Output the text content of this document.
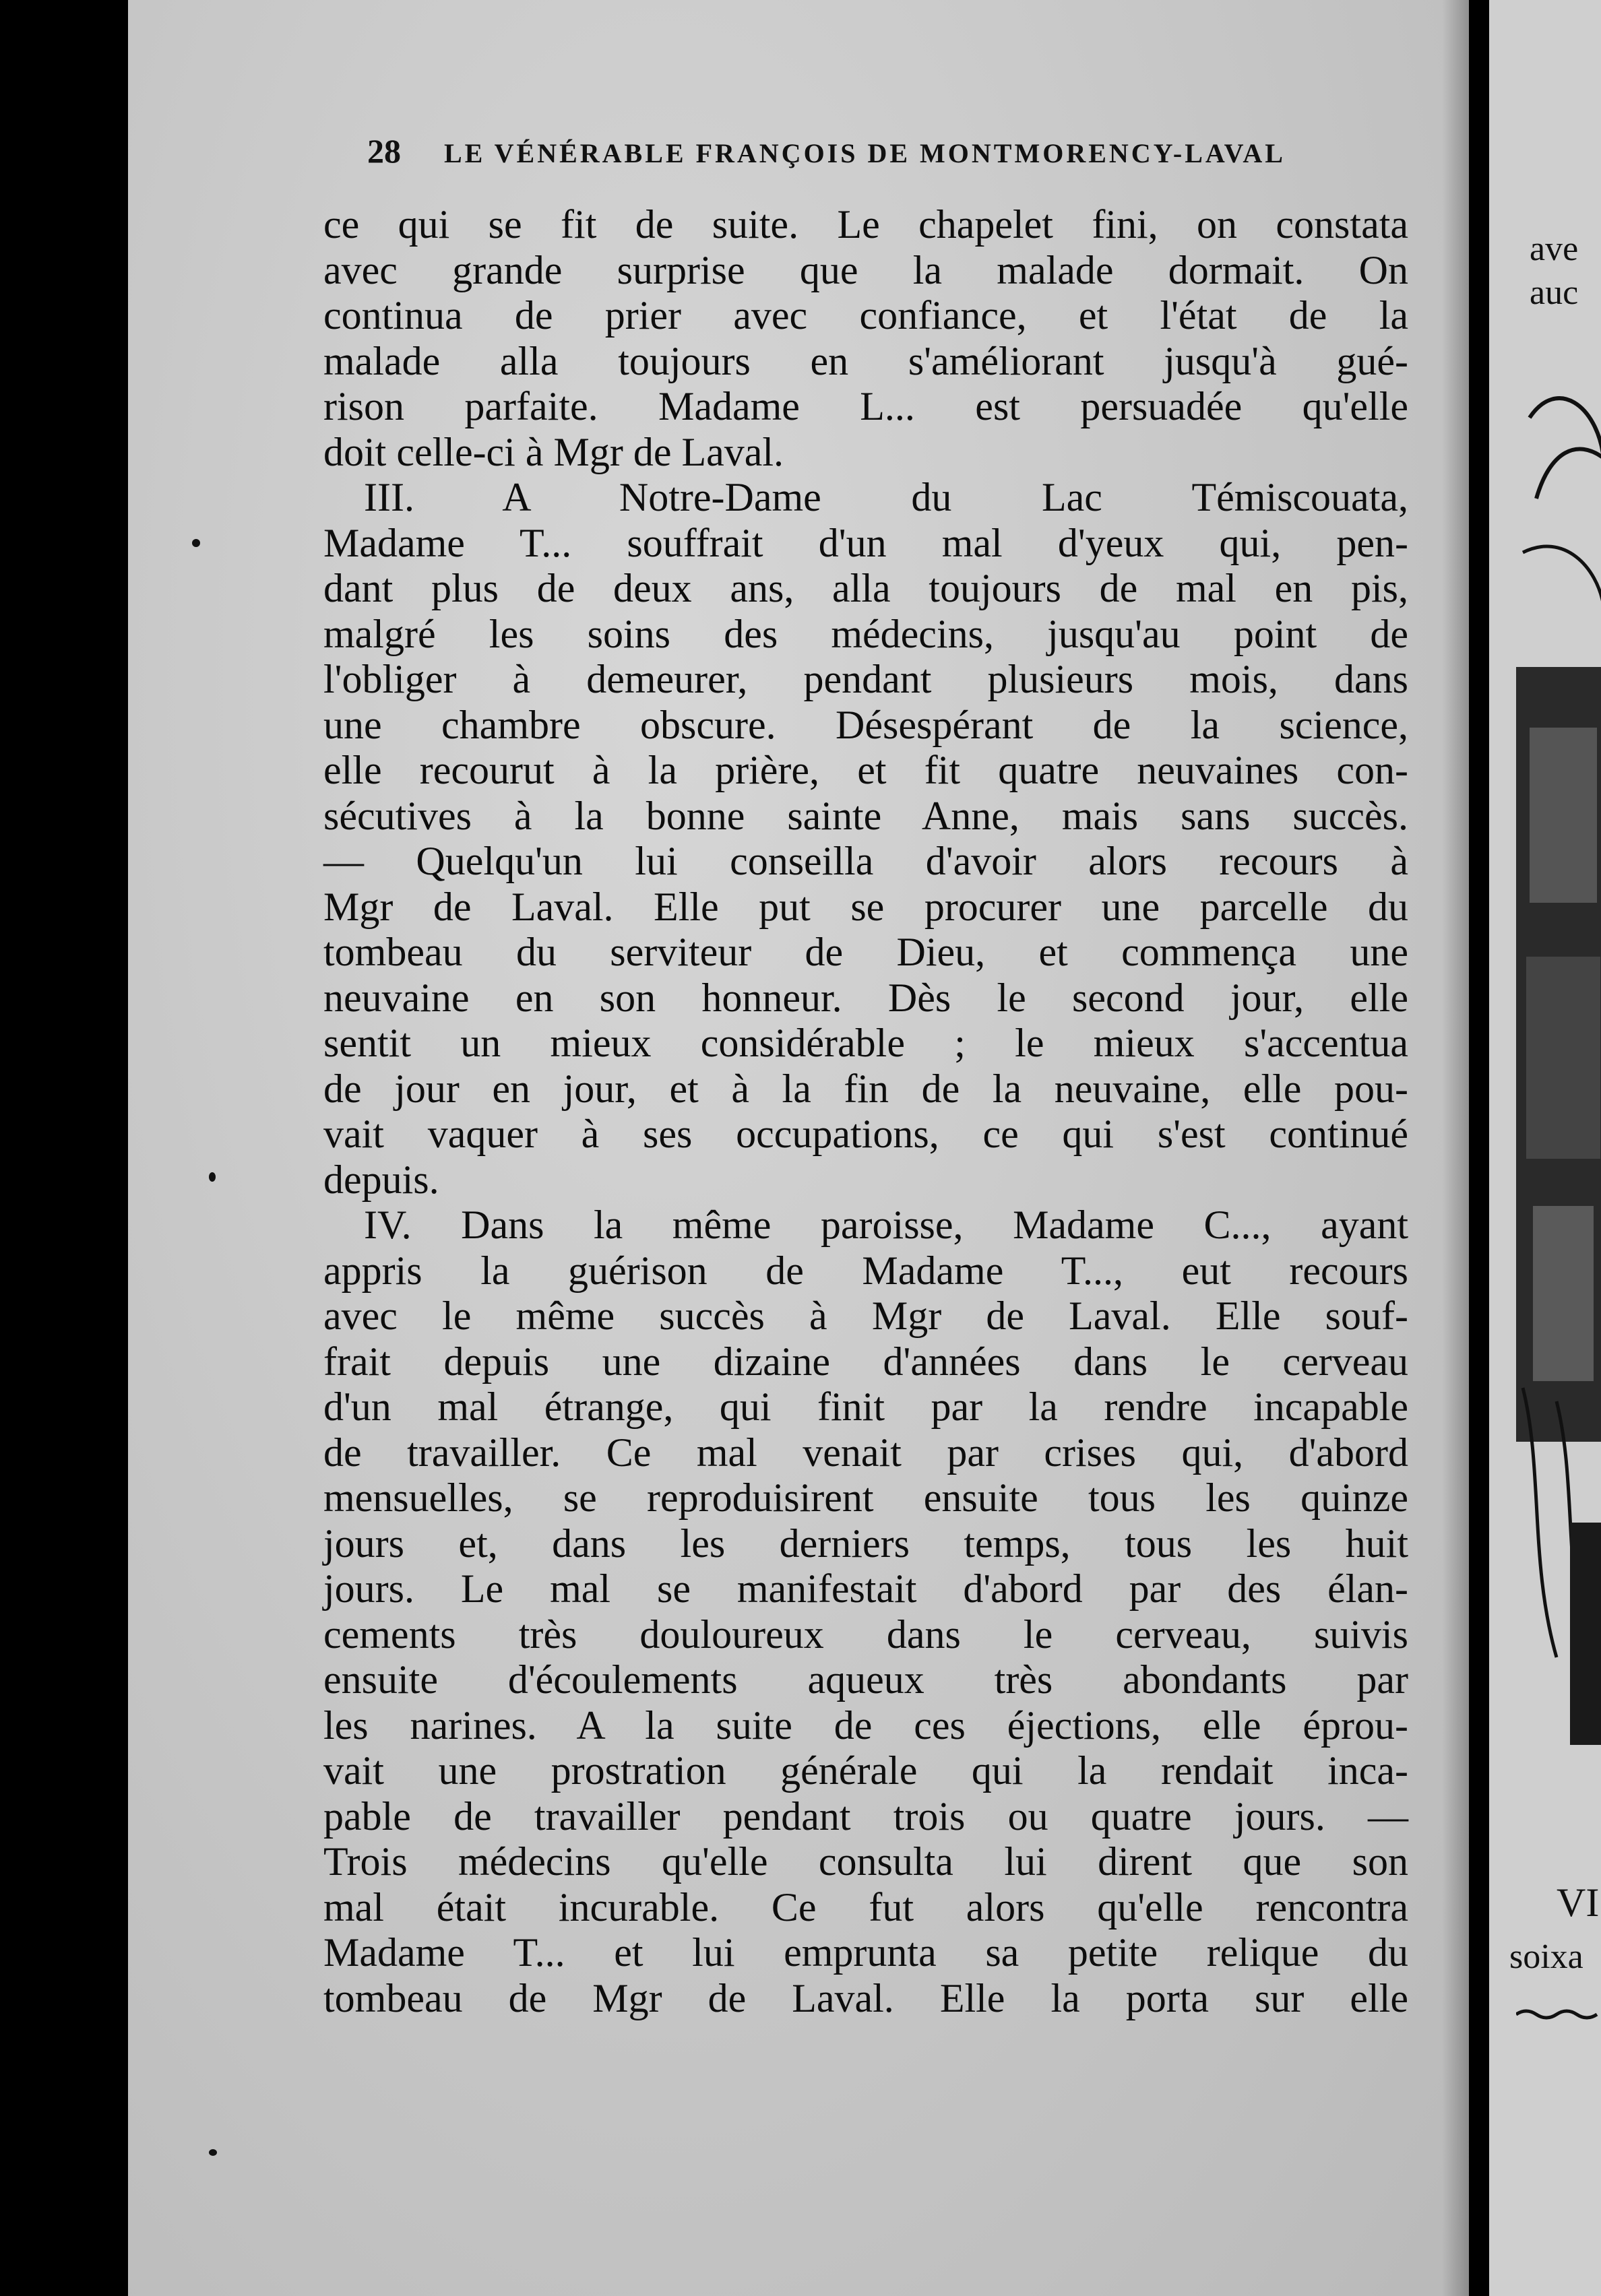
28 LE VÉNÉRABLE FRANÇOIS DE MONTMORENCY-LAVAL
ce qui se fit de suite. Le chapelet fini, on constata
avec grande surprise que la malade dormait. On
continua de prier avec confiance, et l'état de la
malade alla toujours en s'améliorant jusqu'à gué-
rison parfaite. Madame L... est persuadée qu'elle
doit celle-ci à Mgr de Laval.
III. A Notre-Dame du Lac Témiscouata,
Madame T... souffrait d'un mal d'yeux qui, pen-
dant plus de deux ans, alla toujours de mal en pis,
malgré les soins des médecins, jusqu'au point de
l'obliger à demeurer, pendant plusieurs mois, dans
une chambre obscure. Désespérant de la science,
elle recourut à la prière, et fit quatre neuvaines con-
sécutives à la bonne sainte Anne, mais sans succès.
— Quelqu'un lui conseilla d'avoir alors recours à
Mgr de Laval. Elle put se procurer une parcelle du
tombeau du serviteur de Dieu, et commença une
neuvaine en son honneur. Dès le second jour, elle
sentit un mieux considérable ; le mieux s'accentua
de jour en jour, et à la fin de la neuvaine, elle pou-
vait vaquer à ses occupations, ce qui s'est continué
depuis.
IV. Dans la même paroisse, Madame C..., ayant
appris la guérison de Madame T..., eut recours
avec le même succès à Mgr de Laval. Elle souf-
frait depuis une dizaine d'années dans le cerveau
d'un mal étrange, qui finit par la rendre incapable
de travailler. Ce mal venait par crises qui, d'abord
mensuelles, se reproduisirent ensuite tous les quinze
jours et, dans les derniers temps, tous les huit
jours. Le mal se manifestait d'abord par des élan-
cements très douloureux dans le cerveau, suivis
ensuite d'écoulements aqueux très abondants par
les narines. A la suite de ces éjections, elle éprou-
vait une prostration générale qui la rendait inca-
pable de travailler pendant trois ou quatre jours. —
Trois médecins qu'elle consulta lui dirent que son
mal était incurable. Ce fut alors qu'elle rencontra
Madame T... et lui emprunta sa petite relique du
tombeau de Mgr de Laval. Elle la porta sur elle
ave
auc
VI
soixa
